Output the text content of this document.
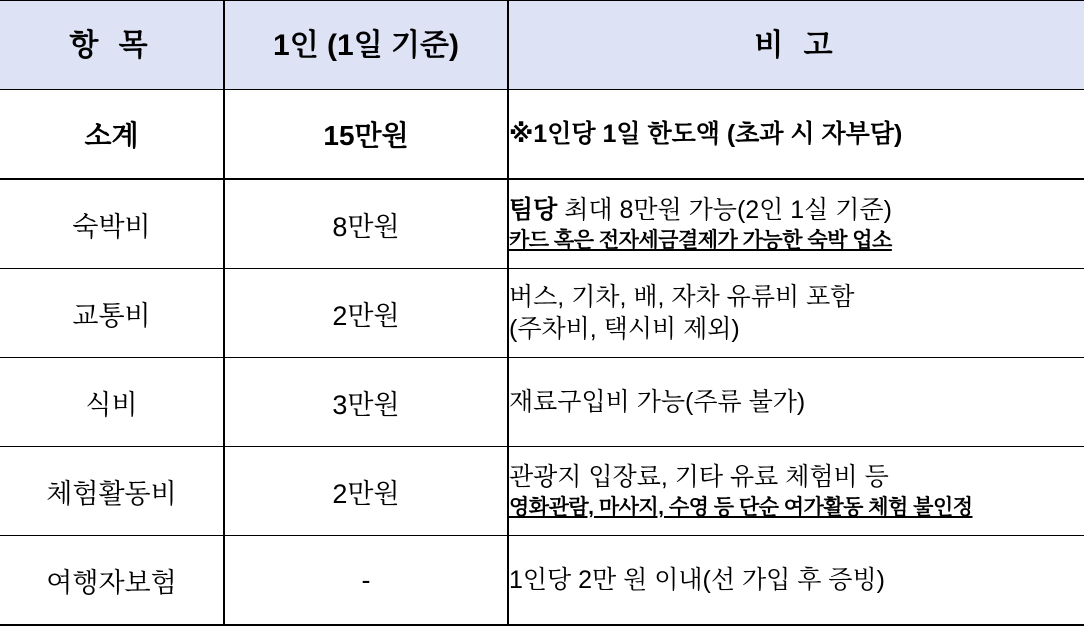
항 목	1인 (1일 기준)	비 고

소계	15만원	※1인당 1일 한도액 (초과 시 자부담)

숙박비	8만원	팀당 최대 8만원 가능(2인 1실 기준)
카드 혹은 전자세금결제가 가능한 숙박 업소

교통비	2만원	버스, 기차, 배, 자차 유류비 포함
(주차비, 택시비 제외)

식비	3만원	재료구입비 가능(주류 불가)

체험활동비	2만원	관광지 입장료, 기타 유료 체험비 등
영화관람, 마사지, 수영 등 단순 여가활동 체험 불인정

여행자보험	-	1인당 2만 원 이내(선 가입 후 증빙)
